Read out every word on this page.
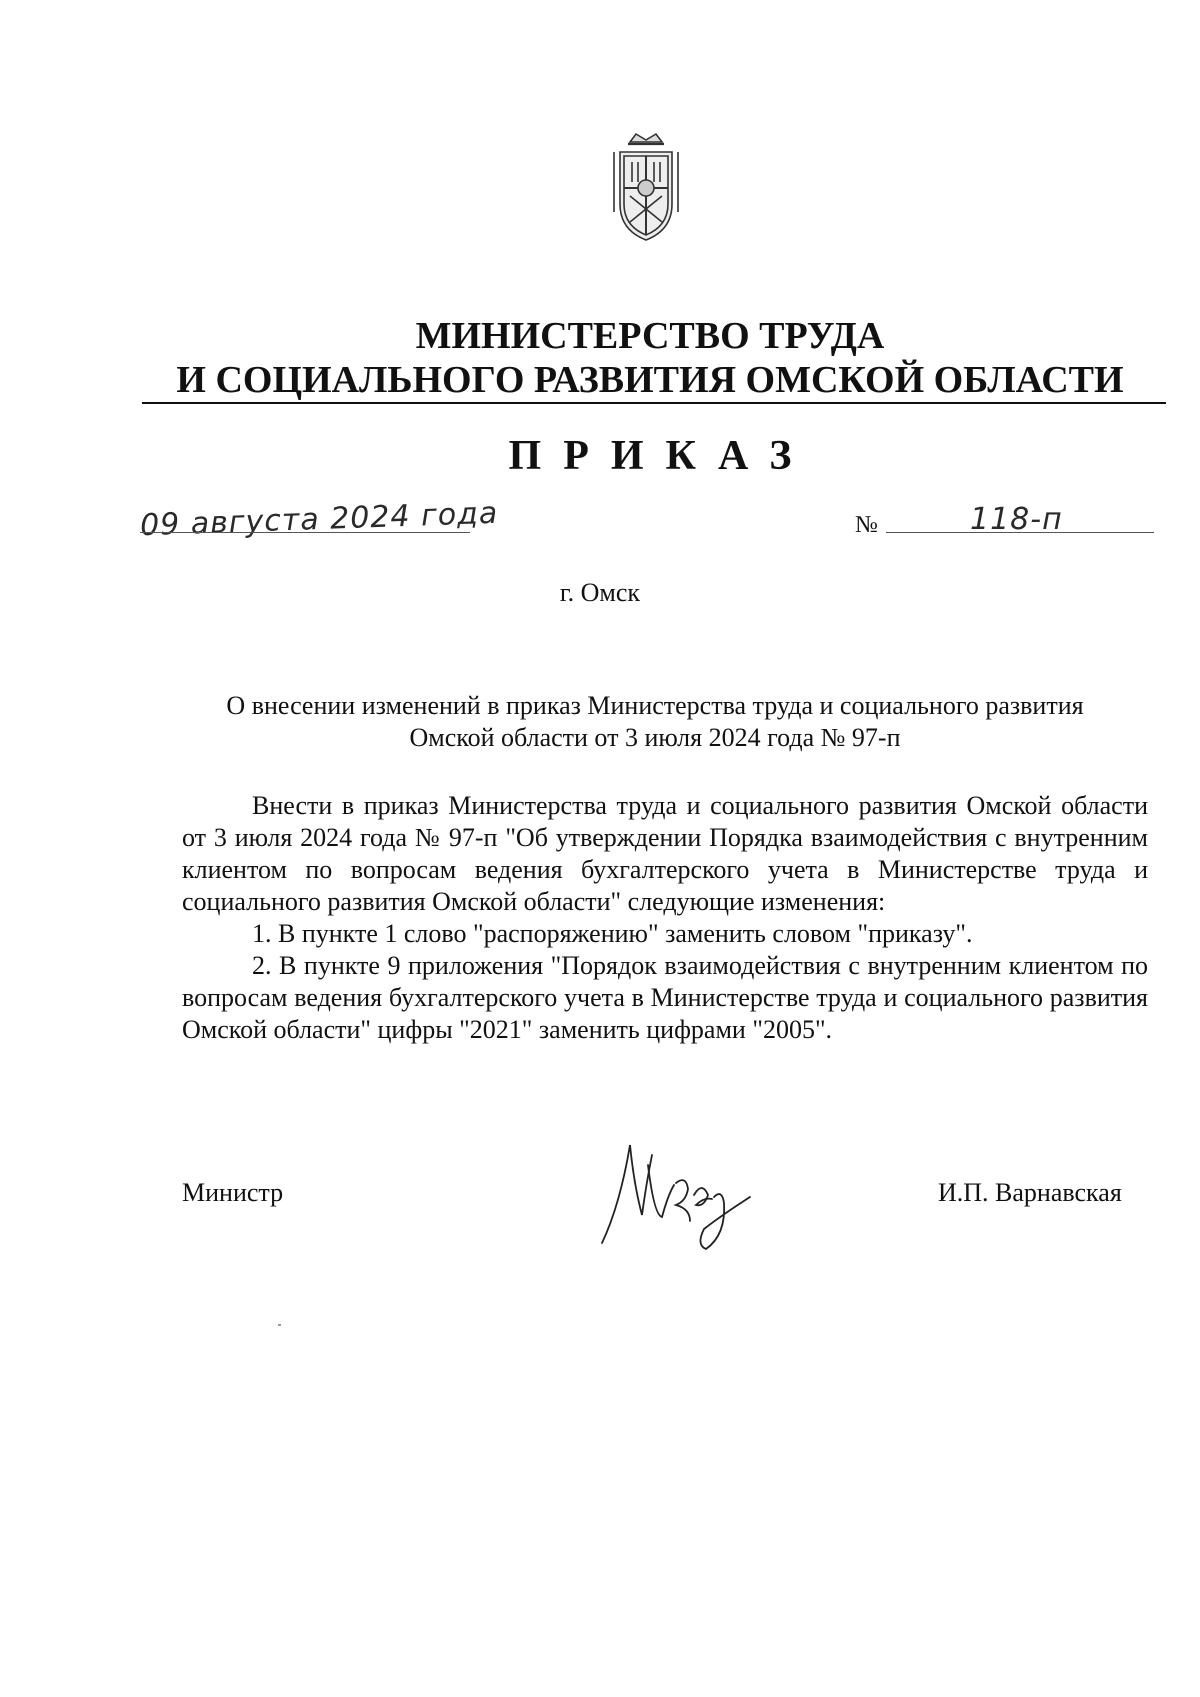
МИНИСТЕРСТВО ТРУДА
И СОЦИАЛЬНОГО РАЗВИТИЯ ОМСКОЙ ОБЛАСТИ
ПРИКАЗ
09 августа 2024 года	№	118-п
г. Омск
О внесении изменений в приказ Министерства труда и социального развития
Омской области от 3 июля 2024 года № 97-п

Внести в приказ Министерства труда и социального развития Омской области от 3 июля 2024 года № 97-п "Об утверждении Порядка взаимодействия с внутренним клиентом по вопросам ведения бухгалтерского учета в Министерстве труда и социального развития Омской области" следующие изменения:

1. В пункте 1 слово "распоряжению" заменить словом "приказу".

2. В пункте 9 приложения "Порядок взаимодействия с внутренним клиентом по вопросам ведения бухгалтерского учета в Министерстве труда и социального развития Омской области" цифры "2021" заменить цифрами "2005".

Министр	И.П. Варнавская
